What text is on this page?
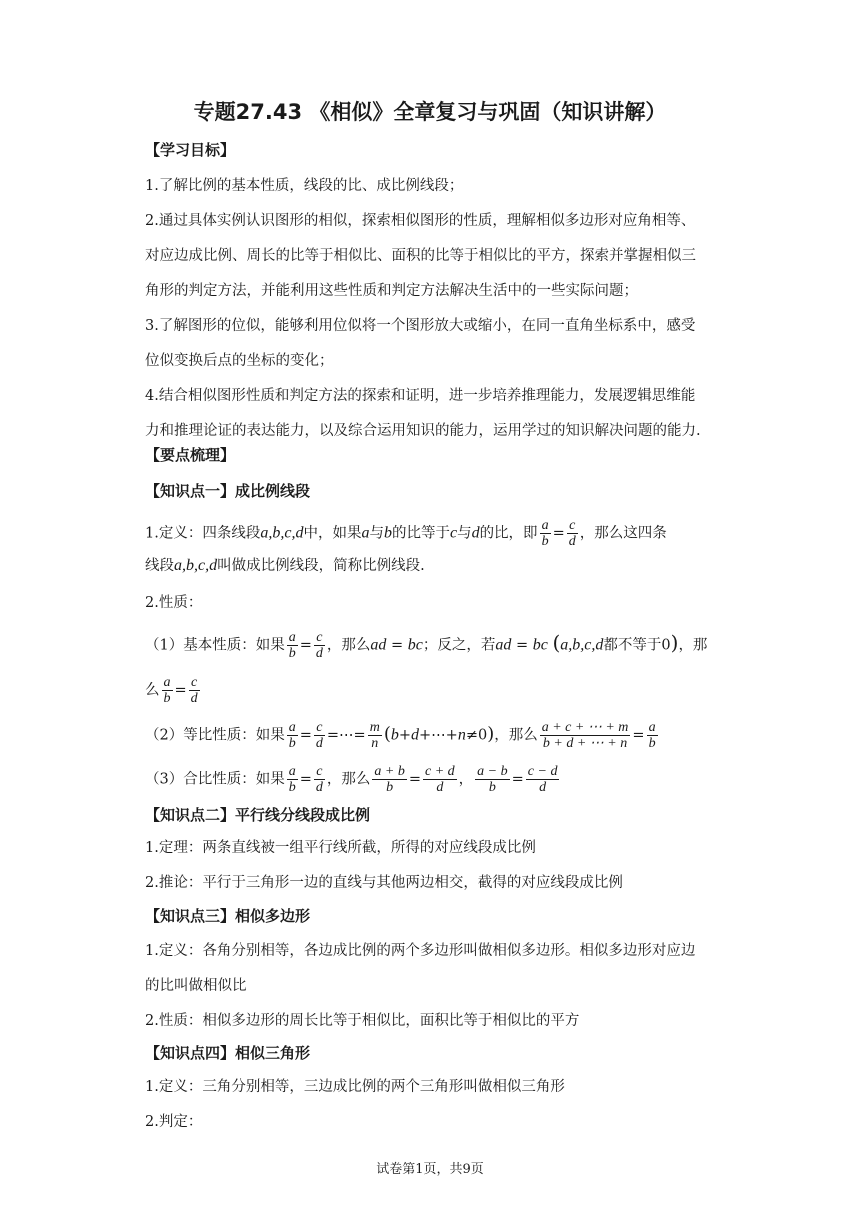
专题27.43 《相似》全章复习与巩固（知识讲解）
【学习目标】
1.了解比例的基本性质，线段的比、成比例线段；
2.通过具体实例认识图形的相似，探索相似图形的性质，理解相似多边形对应角相等、
对应边成比例、周长的比等于相似比、面积的比等于相似比的平方，探索并掌握相似三
角形的判定方法，并能利用这些性质和判定方法解决生活中的一些实际问题；
3.了解图形的位似，能够利用位似将一个图形放大或缩小，在同一直角坐标系中，感受
位似变换后点的坐标的变化；
4.结合相似图形性质和判定方法的探索和证明，进一步培养推理能力，发展逻辑思维能
力和推理论证的表达能力，以及综合运用知识的能力，运用学过的知识解决问题的能力.
【要点梳理】
【知识点一】成比例线段
1.定义：四条线段a,b,c,d中，如果a与b的比等于c与d的比，即 $\frac{a}{b} = \frac{c}{d}$ ，那么这四条
线段a,b,c,d叫做成比例线段，简称比例线段.
2.性质：
（1）基本性质：如果 $\frac{a}{b} = \frac{c}{d}$ ，那么ad = bc；反之，若ad = bc (a,b,c,d都不等于0)，那
么 $\frac{a}{b} = \frac{c}{d}$
（2）等比性质：如果 $\frac{a}{b} = \frac{c}{d}$ =⋯= $\frac{m}{n}$ (b+d+⋯+n≠0)，那么 $\frac{a + c + \cdots + m}{b + d + \cdots + n} = \frac{a}{b}$
（3）合比性质：如果 $\frac{a}{b} = \frac{c}{d}$ ，那么 $\frac{a + b}{b} = \frac{c + d}{d}$ ， $\frac{a - b}{b} = \frac{c - d}{d}$
【知识点二】平行线分线段成比例
1.定理：两条直线被一组平行线所截，所得的对应线段成比例
2.推论：平行于三角形一边的直线与其他两边相交，截得的对应线段成比例
【知识点三】相似多边形
1.定义：各角分别相等，各边成比例的两个多边形叫做相似多边形。相似多边形对应边
的比叫做相似比
2.性质：相似多边形的周长比等于相似比，面积比等于相似比的平方
【知识点四】相似三角形
1.定义：三角分别相等，三边成比例的两个三角形叫做相似三角形
2.判定：
试卷第1页，共9页
